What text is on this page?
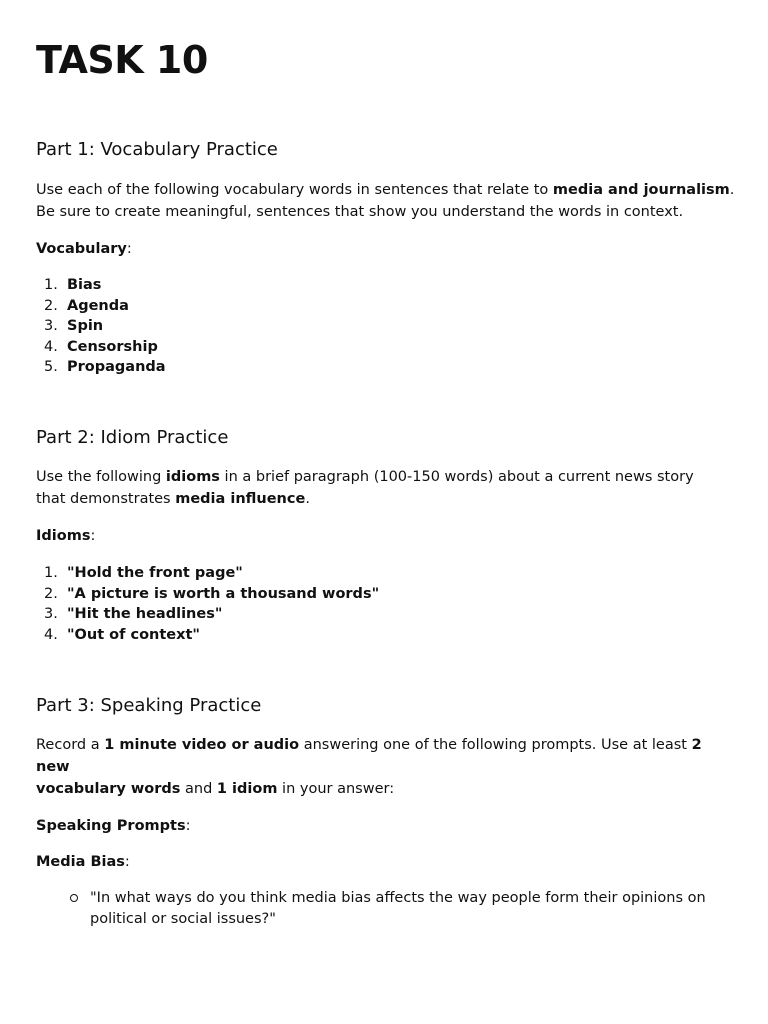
TASK 10
Part 1: Vocabulary Practice

Use each of the following vocabulary words in sentences that relate to media and journalism.
Be sure to create meaningful, sentences that show you understand the words in context.

Vocabulary:

1. Bias
2. Agenda
3. Spin
4. Censorship
5. Propaganda
Part 2: Idiom Practice

Use the following idioms in a brief paragraph (100-150 words) about a current news story
that demonstrates media influence.

Idioms:

1. "Hold the front page"
2. "A picture is worth a thousand words"
3. "Hit the headlines"
4. "Out of context"
Part 3: Speaking Practice

Record a 1 minute video or audio answering one of the following prompts. Use at least 2 new
vocabulary words and 1 idiom in your answer:

Speaking Prompts:

Media Bias:

"In what ways do you think media bias affects the way people form their opinions on
political or social issues?"
